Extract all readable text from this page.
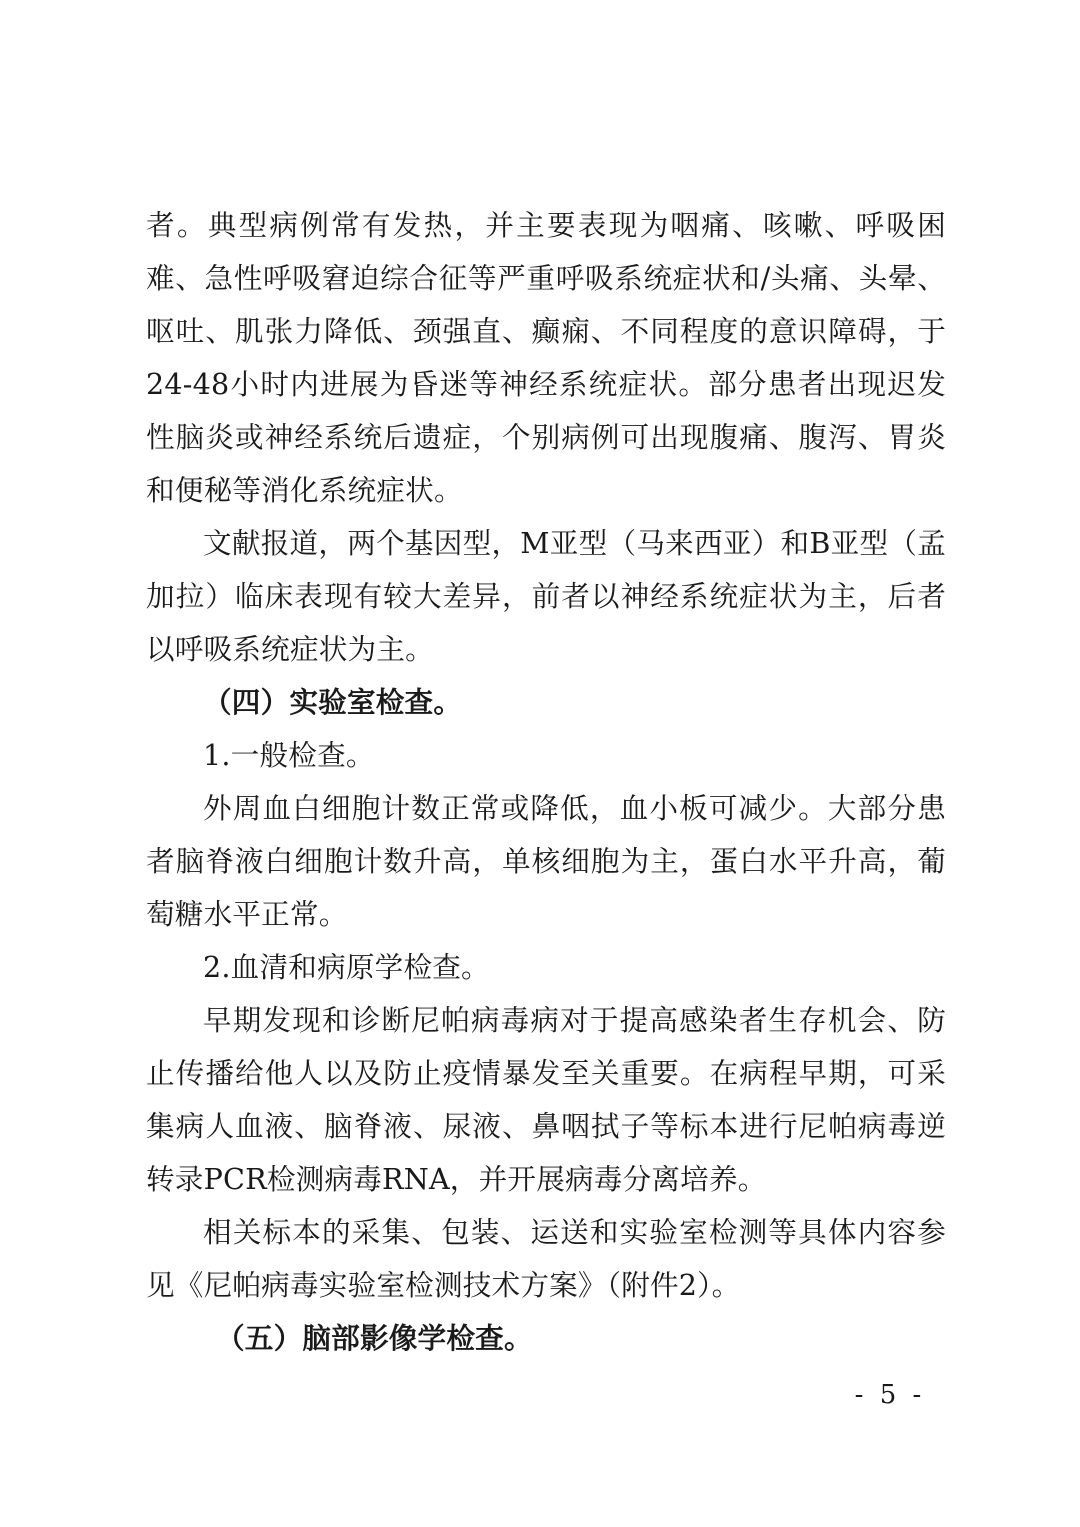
者。典型病例常有发热，并主要表现为咽痛、咳嗽、呼吸困难、急性呼吸窘迫综合征等严重呼吸系统症状和/头痛、头晕、呕吐、肌张力降低、颈强直、癫痫、不同程度的意识障碍，于24-48小时内进展为昏迷等神经系统症状。部分患者出现迟发性脑炎或神经系统后遗症，个别病例可出现腹痛、腹泻、胃炎和便秘等消化系统症状。

文献报道，两个基因型，M亚型（马来西亚）和B亚型（孟加拉）临床表现有较大差异，前者以神经系统症状为主，后者以呼吸系统症状为主。

（四）实验室检查。

1.一般检查。

外周血白细胞计数正常或降低，血小板可减少。大部分患者脑脊液白细胞计数升高，单核细胞为主，蛋白水平升高，葡萄糖水平正常。

2.血清和病原学检查。

早期发现和诊断尼帕病毒病对于提高感染者生存机会、防止传播给他人以及防止疫情暴发至关重要。在病程早期，可采集病人血液、脑脊液、尿液、鼻咽拭子等标本进行尼帕病毒逆转录PCR检测病毒RNA，并开展病毒分离培养。

相关标本的采集、包装、运送和实验室检测等具体内容参见《尼帕病毒实验室检测技术方案》（附件2）。

（五）脑部影像学检查。

- 5 -
